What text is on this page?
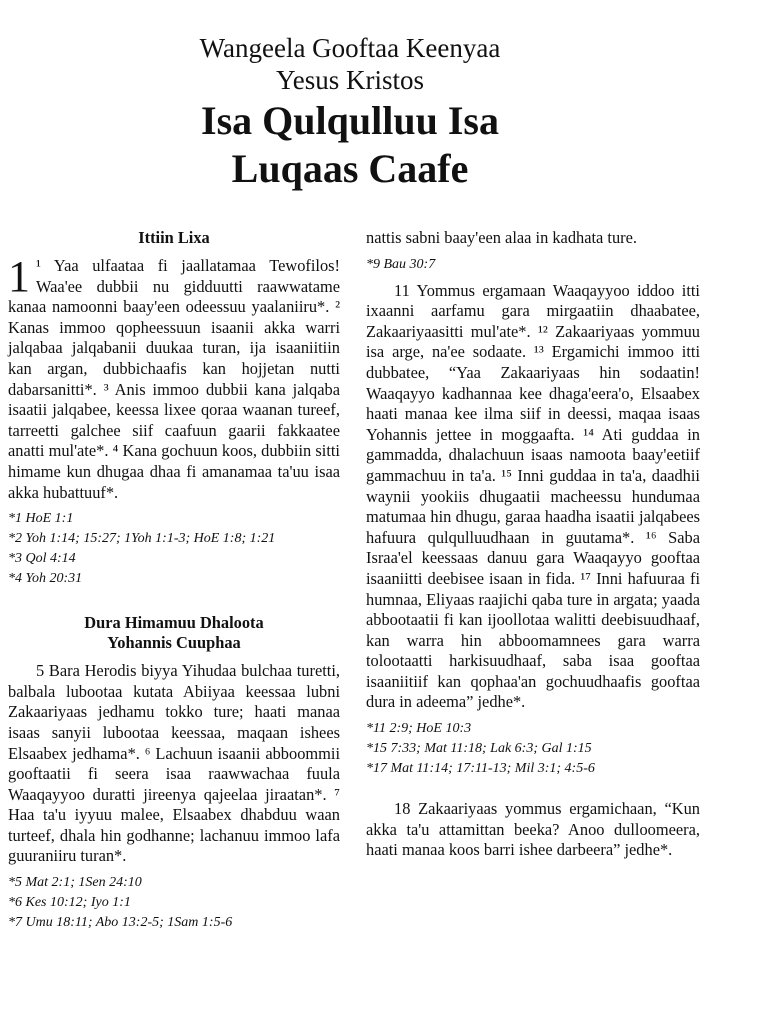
Wangeela Gooftaa Keenyaa
Yesus Kristos
Isa Qulqulluu Isa
Luqaas Caafe
Ittiin Lixa

1 ¹ Yaa ulfaataa fi jaallatamaa Tewofilos! Waa'ee dubbii nu gidduutti raawwatame kanaa namoonni baay'een odeessuu yaalaniiru*. ² Kanas immoo qopheessuun isaanii akka warri jalqabaa jalqabanii duukaa turan, ija isaaniitiin kan argan, dubbichaafis kan hojjetan nutti dabarsanitti*. ³ Anis immoo dubbii kana jalqaba isaatii jalqabee, keessa lixee qoraa waanan tureef, tarreetti galchee siif caafuun gaarii fakkaatee anatti mul'ate*. ⁴ Kana gochuun koos, dubbiin sitti himame kun dhugaa dhaa fi amanamaa ta'uu isaa akka hubattuuf*.

*1 HoE 1:1
*2 Yoh 1:14; 15:27; 1Yoh 1:1-3; HoE 1:8; 1:21
*3 Qol 4:14
*4 Yoh 20:31
Dura Himamuu Dhaloota
Yohannis Cuuphaa

5 Bara Herodis biyya Yihudaa bulchaa turetti, balbala lubootaa kutata Abiiyaa keessaa lubni Zakaariyaas jedhamu tokko ture; haati manaa isaas sanyii lubootaa keessaa, maqaan ishees Elsaabex jedhama*. ⁶ Lachuun isaanii abboommii gooftaatii fi seera isaa raawwachaa fuula Waaqayyoo duratti jireenya qajeelaa jiraatan*. ⁷ Haa ta'u iyyuu malee, Elsaabex dhabduu waan turteef, dhala hin godhanne; lachanuu immoo lafa guuraniiru turan*.

*5 Mat 2:1; 1Sen 24:10
*6 Kes 10:12; Iyo 1:1
*7 Umu 18:11; Abo 13:2-5; 1Sam 1:5-6

nattis sabni baay'een alaa in kadhata ture.

*9 Bau 30:7

11 Yommus ergamaan Waaqayyoo iddoo itti ixaanni aarfamu gara mirgaatiin dhaabatee, Zakaariyaasitti mul'ate*. ¹² Zakaariyaas yommuu isa arge, na'ee sodaate. ¹³ Ergamichi immoo itti dubbatee, “Yaa Zakaariyaas hin sodaatin! Waaqayyo kadhannaa kee dhaga'eera'o, Elsaabex haati manaa kee ilma siif in deessi, maqaa isaas Yohannis jettee in moggaafta. ¹⁴ Ati guddaa in gammadda, dhalachuun isaas namoota baay'eetiif gammachuu in ta'a. ¹⁵ Inni guddaa in ta'a, daadhii waynii yookiis dhugaatii macheessu hundumaa matumaa hin dhugu, garaa haadha isaatii jalqabees hafuura qulqulluudhaan in guutama*. ¹⁶ Saba Israa'el keessaas danuu gara Waaqayyo gooftaa isaaniitti deebisee isaan in fida. ¹⁷ Inni hafuuraa fi humnaa, Eliyaas raajichi qaba ture in argata; yaada abbootaatii fi kan ijoollotaa walitti deebisuudhaaf, kan warra hin abboomamnees gara warra tolootaatti harkisuudhaaf, saba isaa gooftaa isaaniitiif kan qophaa'an gochuudhaafis gooftaa dura in adeema” jedhe*.

*11 2:9; HoE 10:3
*15 7:33; Mat 11:18; Lak 6:3; Gal 1:15
*17 Mat 11:14; 17:11-13; Mil 3:1; 4:5-6

18 Zakaariyaas yommus ergamichaan, “Kun akka ta'u attamittan beeka? Anoo dulloomeera, haati manaa koos barri ishee darbeera” jedhe*.
